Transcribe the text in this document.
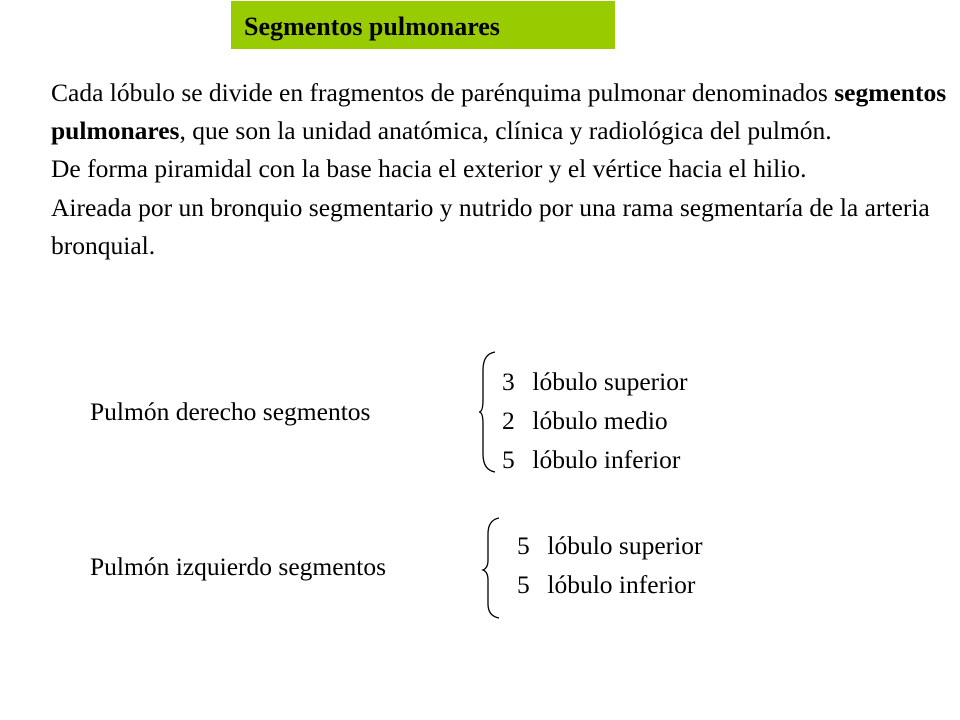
Segmentos pulmonares

Cada lóbulo se divide en fragmentos de parénquima pulmonar denominados segmentos pulmonares, que son la unidad anatómica, clínica y radiológica del pulmón.

De forma piramidal con la base hacia el exterior y el vértice hacia el hilio.

Aireada por un bronquio segmentario y nutrido por una rama segmentaría de la arteria bronquial.

Pulmón derecho segmentos
3 lóbulo superior
2 lóbulo medio
5 lóbulo inferior
Pulmón izquierdo segmentos
5 lóbulo superior
5 lóbulo inferior
